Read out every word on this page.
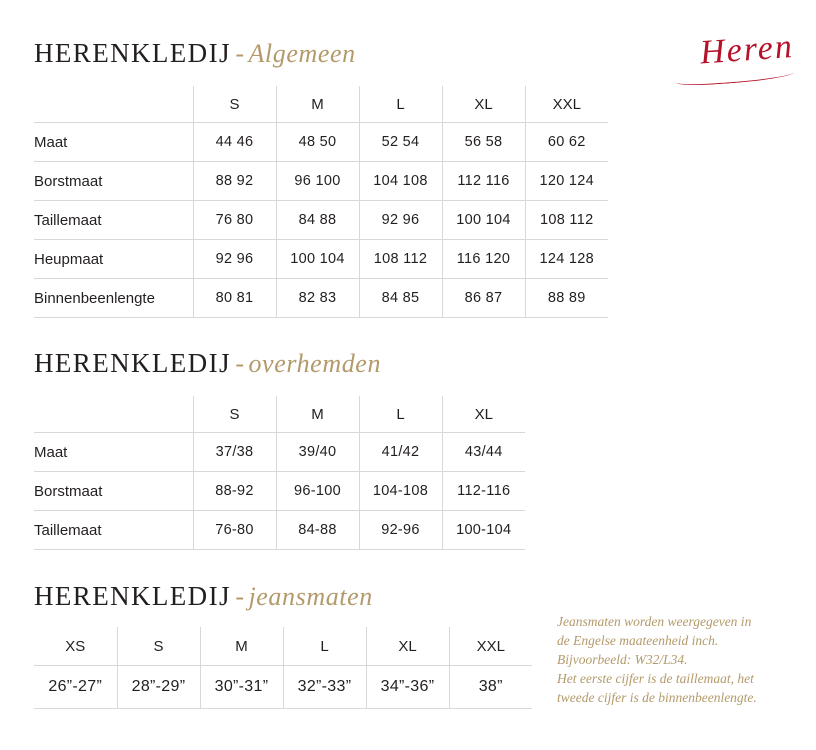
Heren
HERENKLEDIJ - Algemeen
	S	M	L	XL	XXL
Maat	44 46	48 50	52 54	56 58	60 62
Borstmaat	88 92	96 100	104 108	112 116	120 124
Taillemaat	76 80	84 88	92 96	100 104	108 112
Heupmaat	92 96	100 104	108 112	116 120	124 128
Binnenbeenlengte	80 81	82 83	84 85	86 87	88 89
HERENKLEDIJ - overhemden
	S	M	L	XL
Maat	37/38	39/40	41/42	43/44
Borstmaat	88-92	96-100	104-108	112-116
Taillemaat	76-80	84-88	92-96	100-104
HERENKLEDIJ - jeansmaten
XS	S	M	L	XL	XXL
26”-27”	28”-29”	30”-31”	32”-33”	34”-36”	38”

Jeansmaten worden weergegeven in

de Engelse maateenheid inch.

Bijvoorbeeld: W32/L34.

Het eerste cijfer is de taillemaat, het

tweede cijfer is de binnenbeenlengte.
